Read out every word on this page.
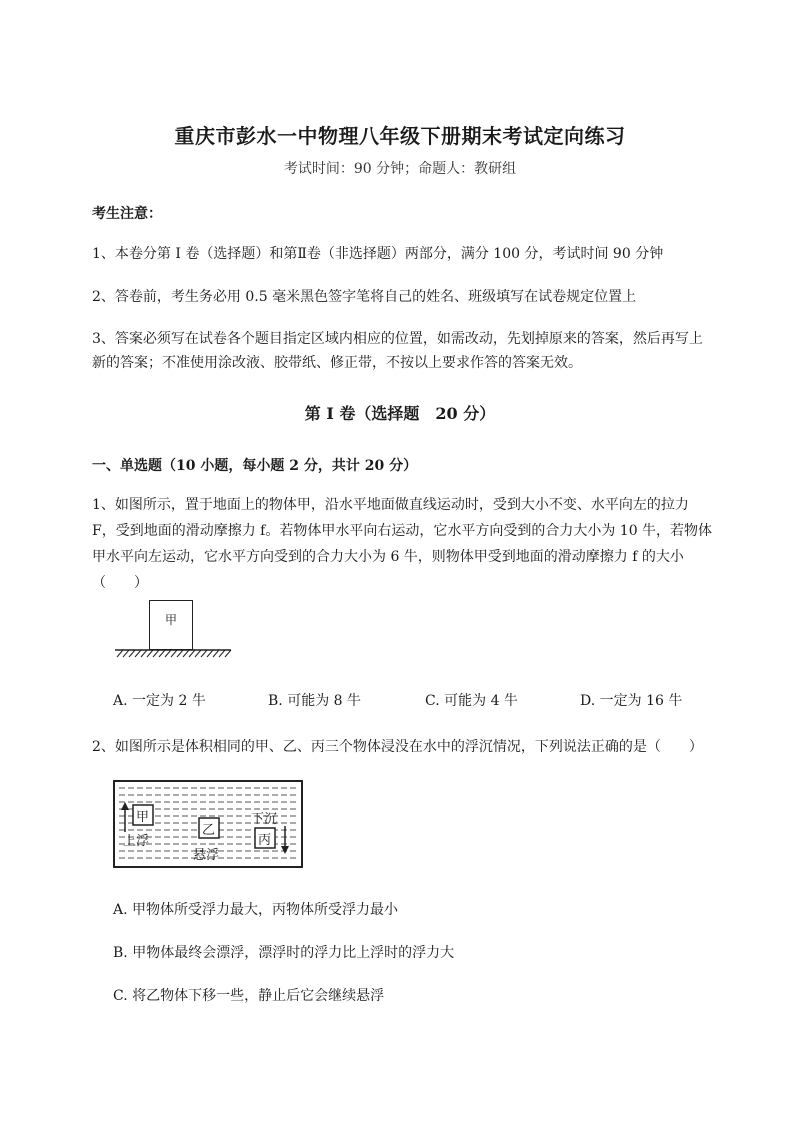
重庆市彭水一中物理八年级下册期末考试定向练习
考试时间：90 分钟；命题人：教研组
考生注意：
1、本卷分第 I 卷（选择题）和第Ⅱ卷（非选择题）两部分，满分 100 分，考试时间 90 分钟
2、答卷前，考生务必用 0.5 毫米黑色签字笔将自己的姓名、班级填写在试卷规定位置上
3、答案必须写在试卷各个题目指定区域内相应的位置，如需改动，先划掉原来的答案，然后再写上新的答案；不准使用涂改液、胶带纸、修正带，不按以上要求作答的答案无效。
第 I 卷（选择题　20 分）
一、单选题（10 小题，每小题 2 分，共计 20 分）
1、如图所示，置于地面上的物体甲，沿水平地面做直线运动时，受到大小不变、水平向左的拉力 F，受到地面的滑动摩擦力 f。若物体甲水平向右运动，它水平方向受到的合力大小为 10 牛，若物体甲水平向左运动，它水平方向受到的合力大小为 6 牛，则物体甲受到地面的滑动摩擦力 f 的大小（　　）
甲
A. 一定为 2 牛	B. 可能为 8 牛	C. 可能为 4 牛	D. 一定为 16 牛
2、如图所示是体积相同的甲、乙、丙三个物体浸没在水中的浮沉情况，下列说法正确的是（　　）
甲
上浮
乙
悬浮
下沉
丙
A. 甲物体所受浮力最大，丙物体所受浮力最小
B. 甲物体最终会漂浮，漂浮时的浮力比上浮时的浮力大
C. 将乙物体下移一些，静止后它会继续悬浮
